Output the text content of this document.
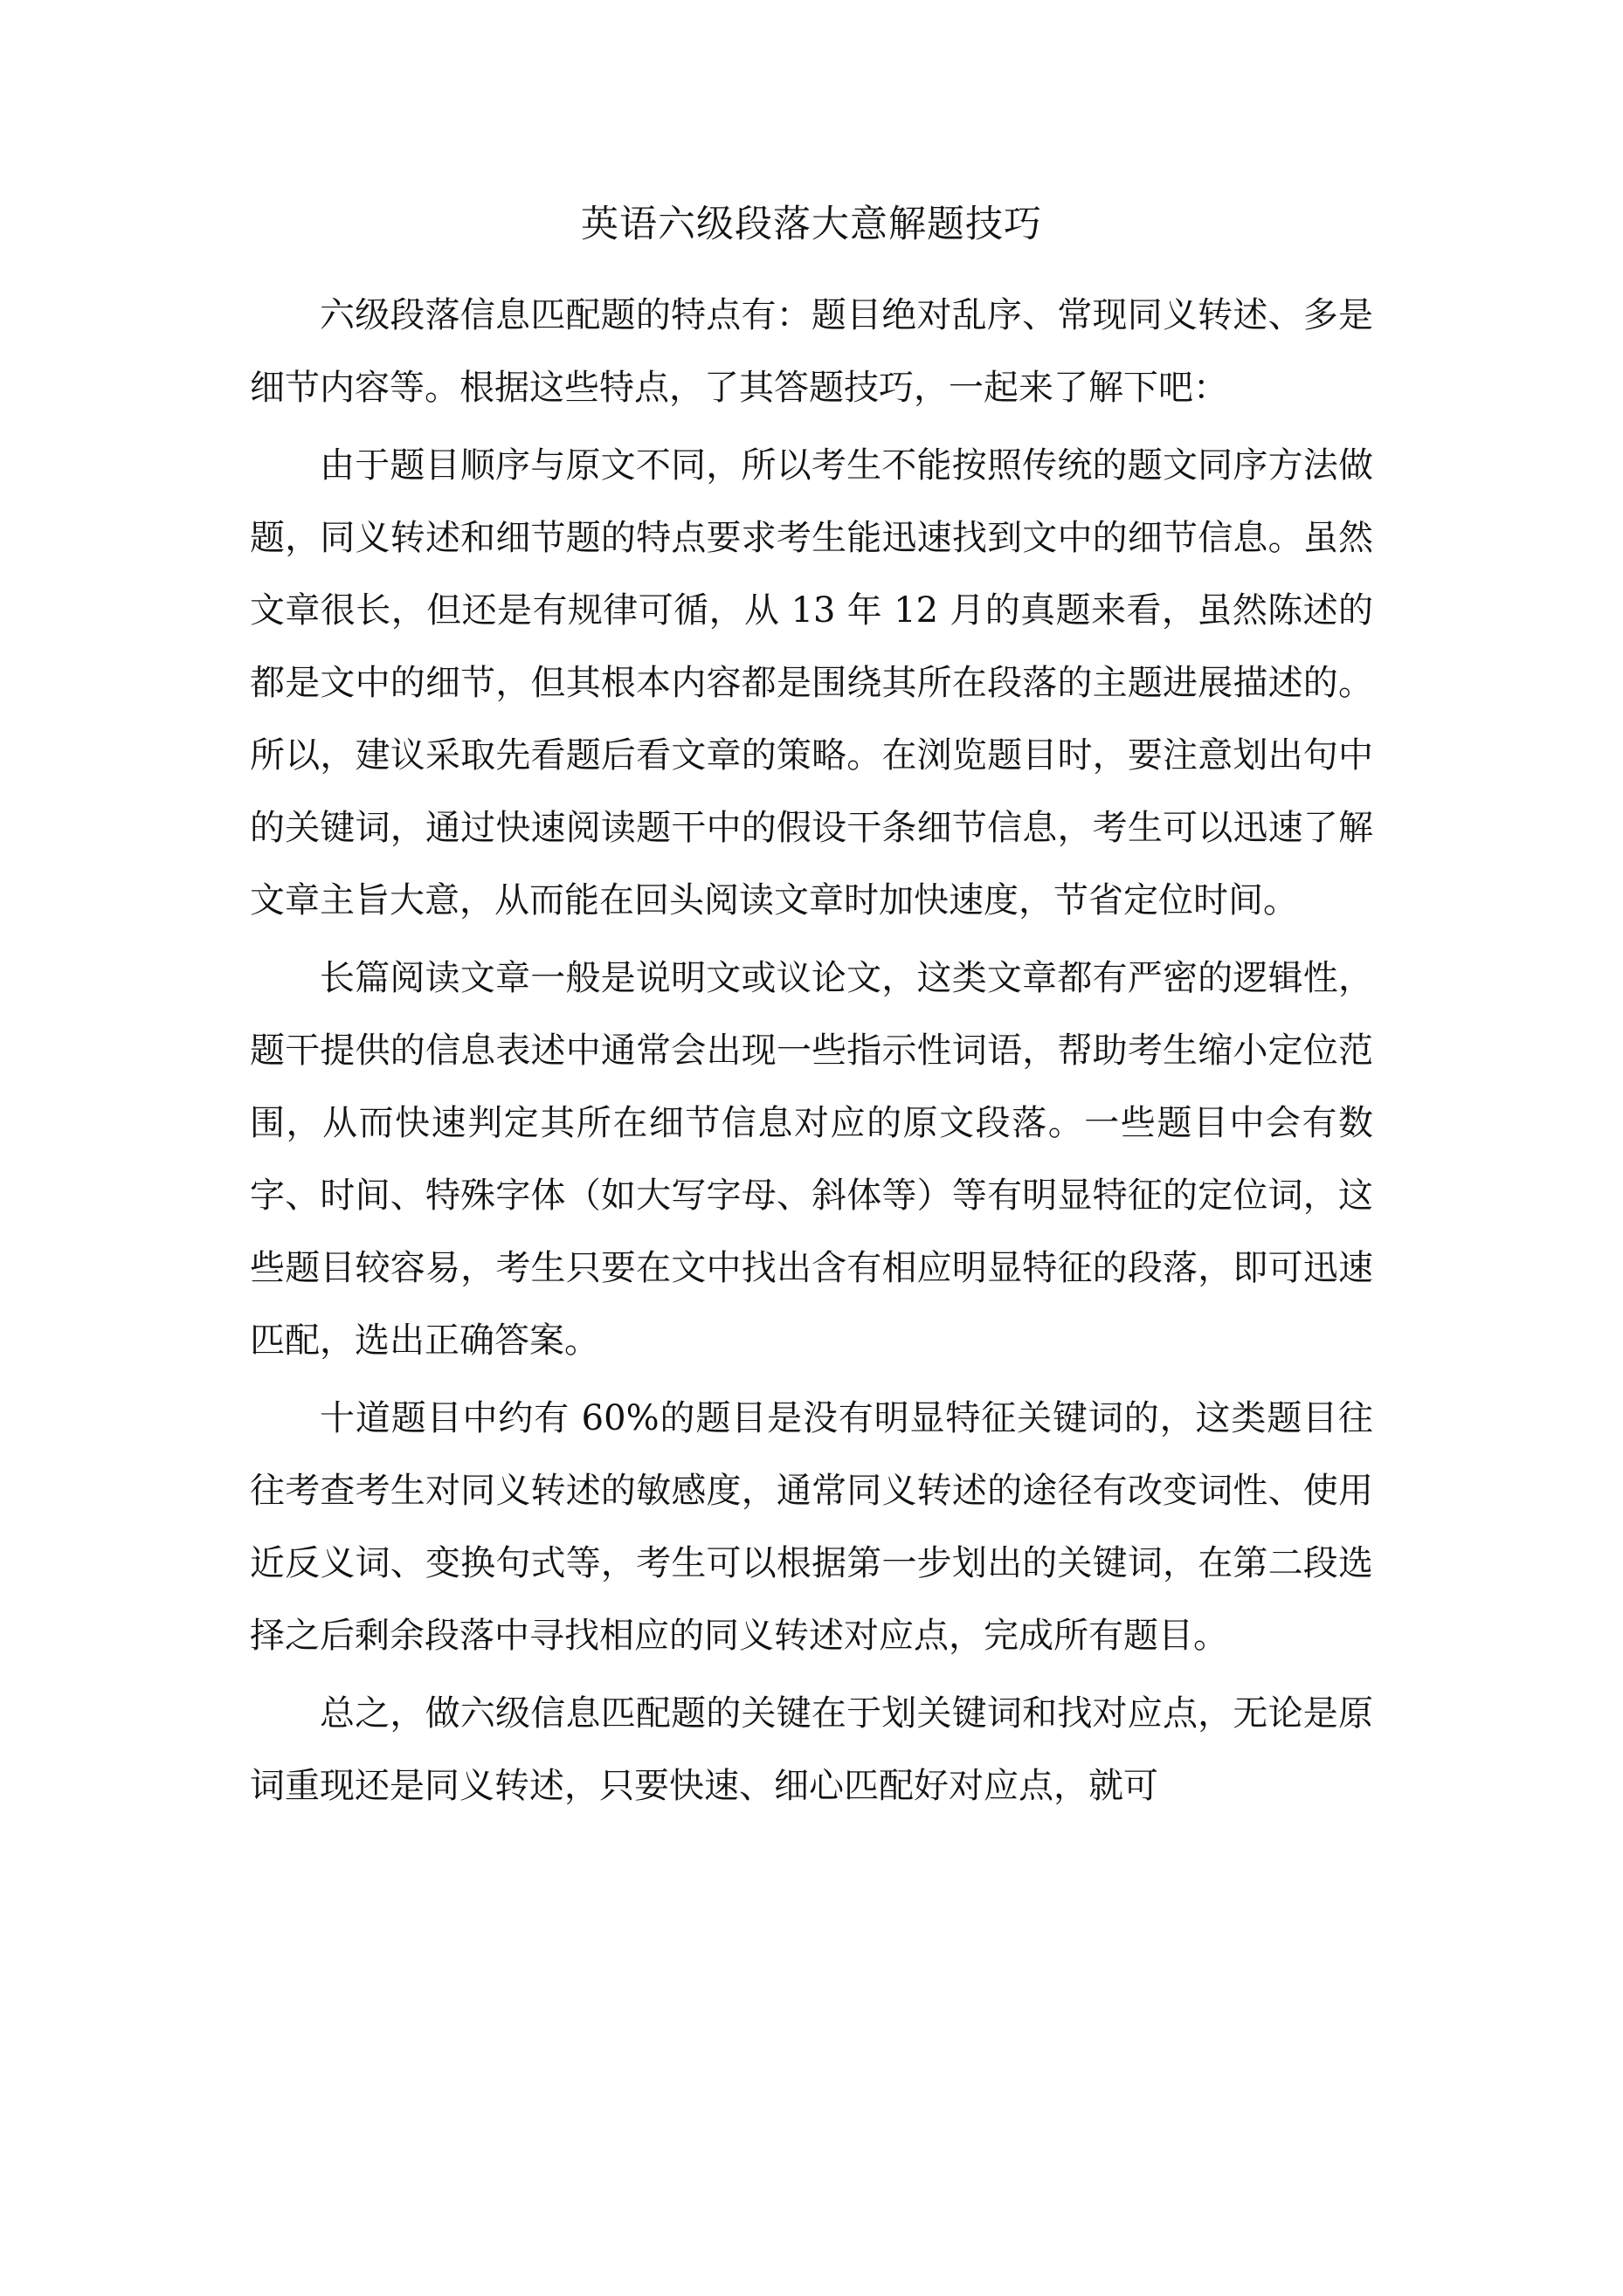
英语六级段落大意解题技巧

六级段落信息匹配题的特点有：题目绝对乱序、常现同义转述、多是细节内容等。根据这些特点，了其答题技巧，一起来了解下吧：

由于题目顺序与原文不同，所以考生不能按照传统的题文同序方法做题，同义转述和细节题的特点要求考生能迅速找到文中的细节信息。虽然文章很长，但还是有规律可循，从 13 年 12 月的真题来看，虽然陈述的都是文中的细节，但其根本内容都是围绕其所在段落的主题进展描述的。所以，建议采取先看题后看文章的策略。在浏览题目时，要注意划出句中的关键词，通过快速阅读题干中的假设干条细节信息，考生可以迅速了解文章主旨大意，从而能在回头阅读文章时加快速度，节省定位时间。

长篇阅读文章一般是说明文或议论文，这类文章都有严密的逻辑性，题干提供的信息表述中通常会出现一些指示性词语，帮助考生缩小定位范围，从而快速判定其所在细节信息对应的原文段落。一些题目中会有数字、时间、特殊字体（如大写字母、斜体等）等有明显特征的定位词，这些题目较容易，考生只要在文中找出含有相应明显特征的段落，即可迅速匹配，选出正确答案。

十道题目中约有 60%的题目是没有明显特征关键词的，这类题目往往考查考生对同义转述的敏感度，通常同义转述的途径有改变词性、使用近反义词、变换句式等，考生可以根据第一步划出的关键词，在第二段选择之后剩余段落中寻找相应的同义转述对应点，完成所有题目。

总之，做六级信息匹配题的关键在于划关键词和找对应点，无论是原词重现还是同义转述，只要快速、细心匹配好对应点，就可
